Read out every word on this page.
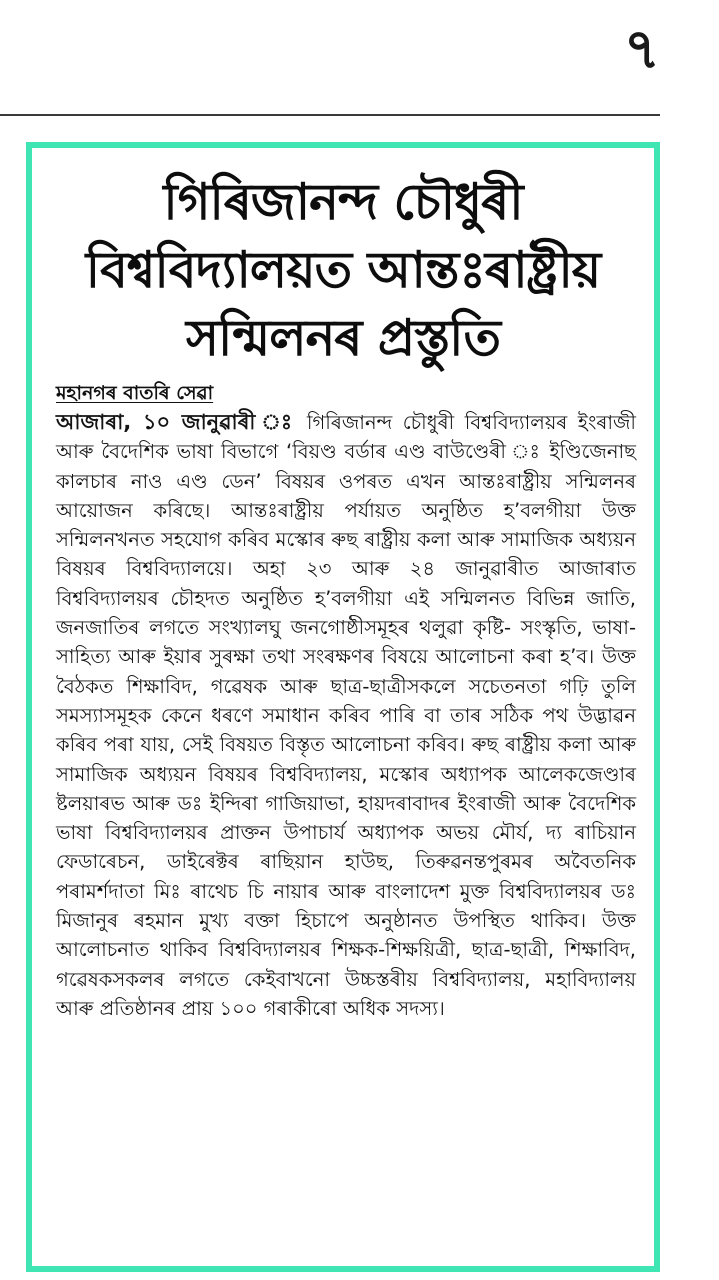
৭
গিৰিজানন্দ চৌধুৰী
বিশ্ববিদ্যালয়ত আন্তঃৰাষ্ট্ৰীয়
সন্মিলনৰ প্ৰস্তুতি
মহানগৰ বাতৰি সেৱা
আজাৰা, ১০ জানুৱাৰী ঃ গিৰিজানন্দ চৌধুৰী বিশ্ববিদ্যালয়ৰ ইংৰাজী আৰু বৈদেশিক ভাষা বিভাগে ‘বিয়ণ্ড বৰ্ডাৰ এণ্ড বাউণ্ডেৰী ঃ ইণ্ডিজেনাছ কালচাৰ নাও এণ্ড ডেন’ বিষয়ৰ ওপৰত এখন আন্তঃৰাষ্ট্ৰীয় সন্মিলনৰ আয়োজন কৰিছে। আন্তঃৰাষ্ট্ৰীয় পৰ্যায়ত অনুষ্ঠিত হ’বলগীয়া উক্ত সন্মিলনখনত সহযোগ কৰিব মস্কোৰ ৰুছ ৰাষ্ট্ৰীয় কলা আৰু সামাজিক অধ্যয়ন বিষয়ৰ বিশ্ববিদ্যালয়ে। অহা ২৩ আৰু ২৪ জানুৱাৰীত আজাৰাত বিশ্ববিদ্যালয়ৰ চৌহদত অনুষ্ঠিত হ’বলগীয়া এই সন্মিলনত বিভিন্ন জাতি, জনজাতিৰ লগতে সংখ্যালঘু জনগোষ্ঠীসমূহৰ থলুৱা কৃষ্টি- সংস্কৃতি, ভাষা-সাহিত্য আৰু ইয়াৰ সুৰক্ষা তথা সংৰক্ষণৰ বিষয়ে আলোচনা কৰা হ’ব। উক্ত বৈঠকত শিক্ষাবিদ, গৱেষক আৰু ছাত্ৰ-ছাত্ৰীসকলে সচেতনতা গঢ়ি তুলি সমস্যাসমূহক কেনে ধৰণে সমাধান কৰিব পাৰি বা তাৰ সঠিক পথ উদ্ভাৱন কৰিব পৰা যায়, সেই বিষয়ত বিস্তৃত আলোচনা কৰিব। ৰুছ ৰাষ্ট্ৰীয় কলা আৰু সামাজিক অধ্যয়ন বিষয়ৰ বিশ্ববিদ্যালয়, মস্কোৰ অধ্যাপক আলেকজেণ্ডাৰ ষ্টলয়াৰভ আৰু ডঃ ইন্দিৰা গাজিয়াভা, হায়দৰাবাদৰ ইংৰাজী আৰু বৈদেশিক ভাষা বিশ্ববিদ্যালয়ৰ প্ৰাক্তন উপাচাৰ্য অধ্যাপক অভয় মৌৰ্য, দ্য ৰাচিয়ান ফেডাৰেচন, ডাইৰেক্টৰ ৰাছিয়ান হাউছ, তিৰুৱনন্তপুৰমৰ অবৈতনিক পৰামৰ্শদাতা মিঃ ৰাথেচ চি নায়াৰ আৰু বাংলাদেশ মুক্ত বিশ্ববিদ্যালয়ৰ ডঃ মিজানুৰ ৰহমান মুখ্য বক্তা হিচাপে অনুষ্ঠানত উপস্থিত থাকিব। উক্ত আলোচনাত থাকিব বিশ্ববিদ্যালয়ৰ শিক্ষক-শিক্ষয়িত্ৰী, ছাত্ৰ-ছাত্ৰী, শিক্ষাবিদ, গৱেষকসকলৰ লগতে কেইবাখনো উচ্চস্তৰীয় বিশ্ববিদ্যালয়, মহাবিদ্যালয় আৰু প্ৰতিষ্ঠানৰ প্ৰায় ১০০ গৰাকীৰো অধিক সদস্য।
